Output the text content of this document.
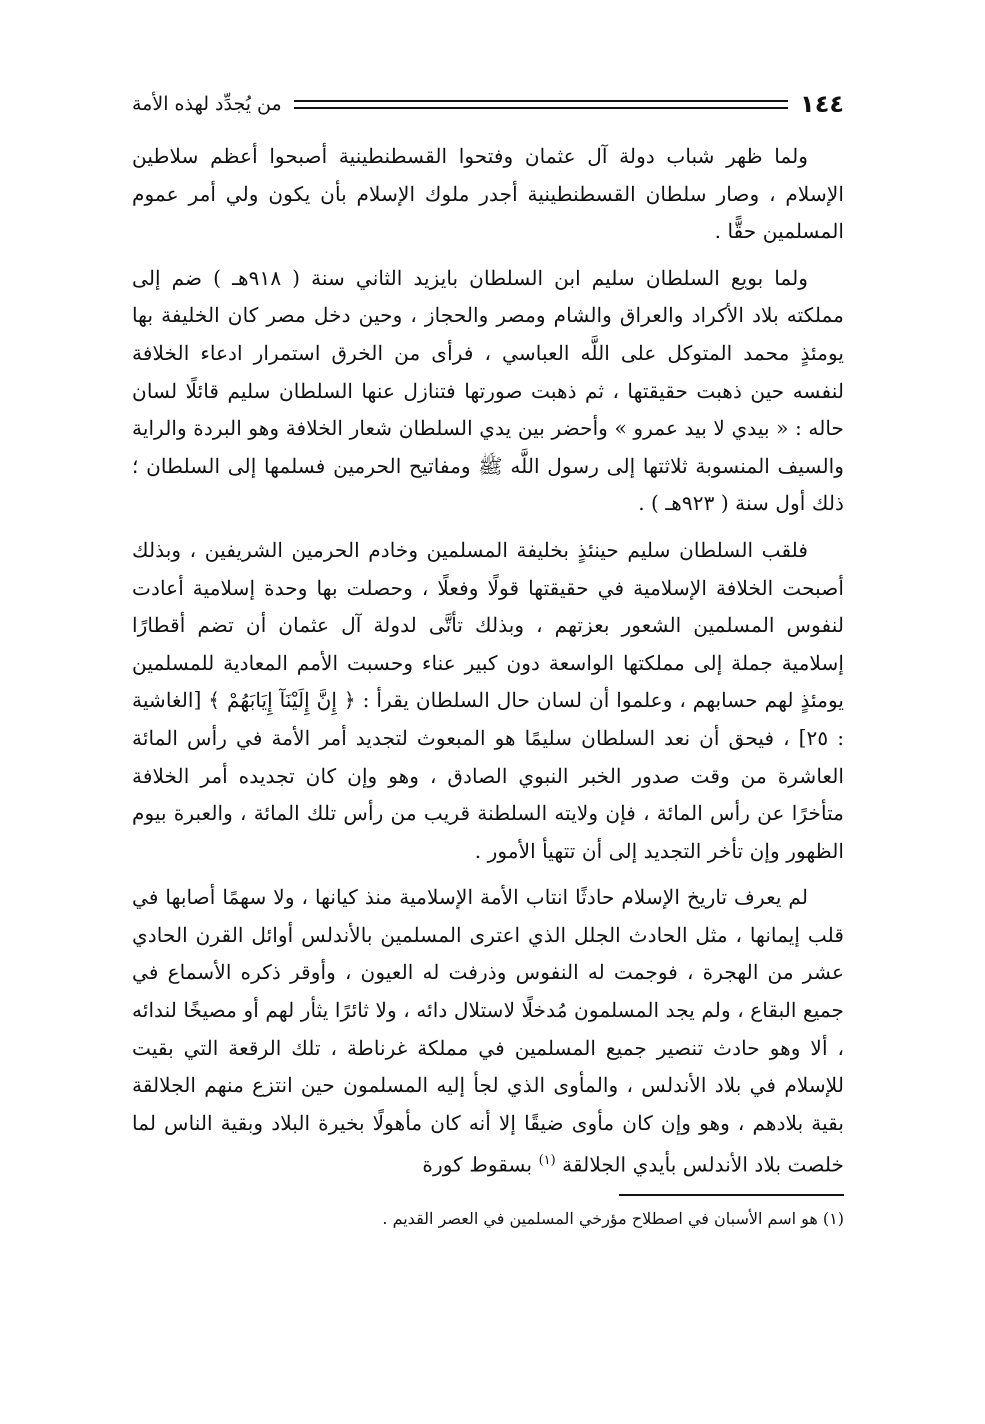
١٤٤
من يُجدِّد لهذه الأمة

ولما ظهر شباب دولة آل عثمان وفتحوا القسطنطينية أصبحوا أعظم سلاطين الإسلام ، وصار سلطان القسطنطينية أجدر ملوك الإسلام بأن يكون ولي أمر عموم المسلمين حقًّا .

ولما بويع السلطان سليم ابن السلطان بايزيد الثاني سنة ( ٩١٨هـ ) ضم إلى مملكته بلاد الأكراد والعراق والشام ومصر والحجاز ، وحين دخل مصر كان الخليفة بها يومئذٍ محمد المتوكل على اللَّه العباسي ، فرأى من الخرق استمرار ادعاء الخلافة لنفسه حين ذهبت حقيقتها ، ثم ذهبت صورتها فتنازل عنها السلطان سليم قائلًا لسان حاله : « بيدي لا بيد عمرو » وأحضر بين يدي السلطان شعار الخلافة وهو البردة والراية والسيف المنسوبة ثلاثتها إلى رسول اللَّه ﷺ ومفاتيح الحرمين فسلمها إلى السلطان ؛ ذلك أول سنة ( ٩٢٣هـ ) .

فلقب السلطان سليم حينئذٍ بخليفة المسلمين وخادم الحرمين الشريفين ، وبذلك أصبحت الخلافة الإسلامية في حقيقتها قولًا وفعلًا ، وحصلت بها وحدة إسلامية أعادت لنفوس المسلمين الشعور بعزتهم ، وبذلك تأتَّى لدولة آل عثمان أن تضم أقطارًا إسلامية جملة إلى مملكتها الواسعة دون كبير عناء وحسبت الأمم المعادية للمسلمين يومئذٍ لهم حسابهم ، وعلموا أن لسان حال السلطان يقرأ : ﴿ إِنَّ إِلَيْنَآ إِيَابَهُمْ ﴾ [الغاشية : ٢٥] ، فيحق أن نعد السلطان سليمًا هو المبعوث لتجديد أمر الأمة في رأس المائة العاشرة من وقت صدور الخبر النبوي الصادق ، وهو وإن كان تجديده أمر الخلافة متأخرًا عن رأس المائة ، فإن ولايته السلطنة قريب من رأس تلك المائة ، والعبرة بيوم الظهور وإن تأخر التجديد إلى أن تتهيأ الأمور .

لم يعرف تاريخ الإسلام حادثًا انتاب الأمة الإسلامية منذ كيانها ، ولا سهمًا أصابها في قلب إيمانها ، مثل الحادث الجلل الذي اعترى المسلمين بالأندلس أوائل القرن الحادي عشر من الهجرة ، فوجمت له النفوس وذرفت له العيون ، وأوقر ذكره الأسماع في جميع البقاع ، ولم يجد المسلمون مُدخلًا لاستلال دائه ، ولا ثائرًا يثأر لهم أو مصيخًا لندائه ، ألا وهو حادث تنصير جميع المسلمين في مملكة غرناطة ، تلك الرقعة التي بقيت للإسلام في بلاد الأندلس ، والمأوى الذي لجأ إليه المسلمون حين انتزع منهم الجلالقة بقية بلادهم ، وهو وإن كان مأوى ضيقًا إلا أنه كان مأهولًا بخيرة البلاد وبقية الناس لما خلصت بلاد الأندلس بأيدي الجلالقة $^{(١)}$ بسقوط كورة

(١) هو اسم الأسبان في اصطلاح مؤرخي المسلمين في العصر القديم .
